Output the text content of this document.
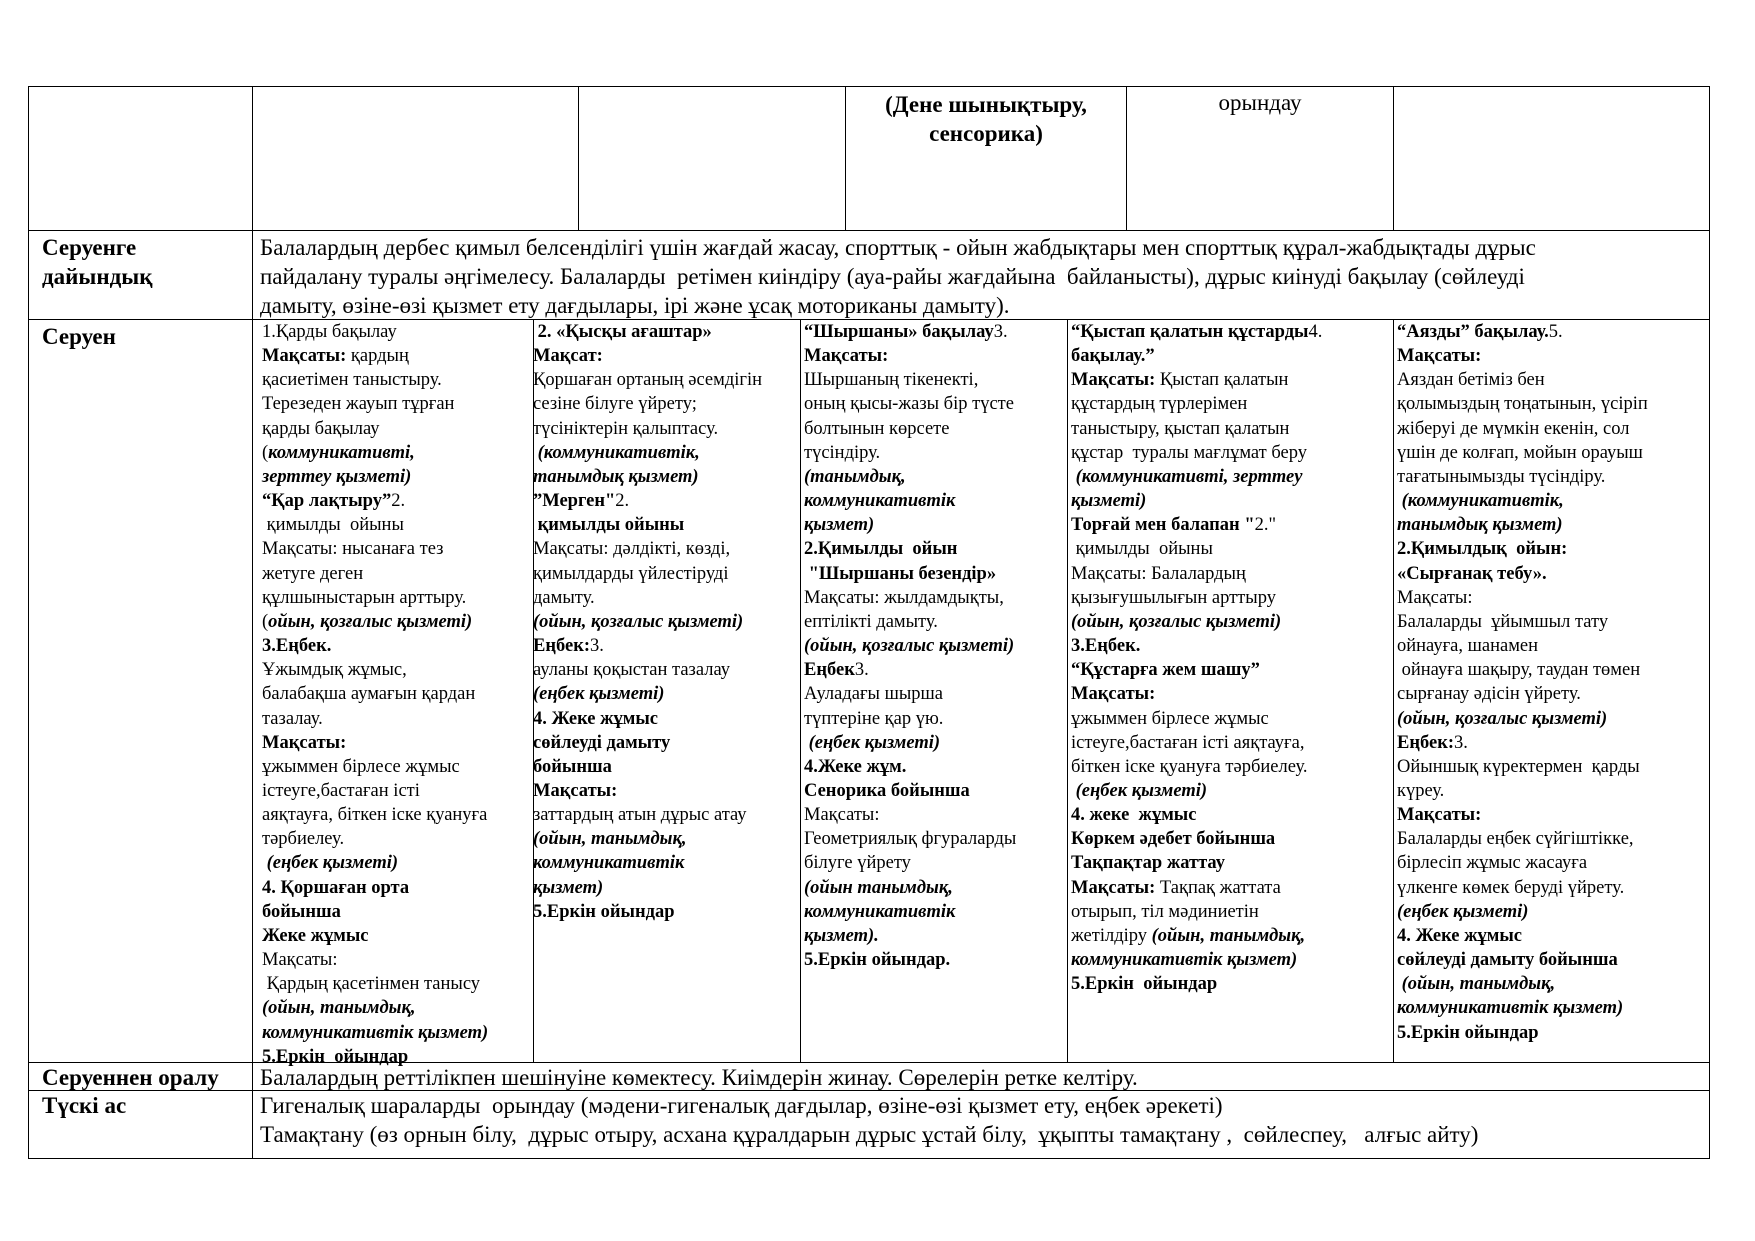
(Дене шынықтыру,
сенсорика)
орындау
Серуенге
дайындық
Балалардың дербес қимыл белсенділігі үшін жағдай жасау, спорттық - ойын жабдықтары мен спорттық құрал-жабдықтады дұрыс
пайдалану туралы әңгімелесу. Балаларды  ретімен киіндіру (ауа-райы жағдайына  байланысты), дұрыс киінуді бақылау (сөйлеуді
дамыту, өзіне-өзі қызмет ету дағдылары, ірі және ұсақ моториканы дамыту).
Серуен	1.Қарды бақылау
Мақсаты: қардың
қасиетімен таныстыру.
Терезеден жауып тұрған
қарды бақылау
(коммуникативті,
зерттеу қызметі)
“Қар лақтыру”2.
қимылды  ойыны
Мақсаты: нысанаға тез
жетуге деген
құлшыныстарын арттыру.
(ойын, қозғалыс қызметі)
3.Еңбек.
Ұжымдық жұмыс,
балабақша аумағын қардан
тазалау.
Мақсаты:
ұжыммен бірлесе жұмыс
істеуге,бастаған істі
аяқтауға, біткен іске қуануға
тәрбиелеу.
(еңбек қызметі)
4. Қоршаған орта
бойынша
Жеке жұмыс
Мақсаты:
Қардың қасетінмен танысу
(ойын, танымдық,
коммуникативтік қызмет)
5.Еркін  ойындар
2. «Қысқы ағаштар»
Мақсат:
Қоршаған ортаның әсемдігін
сезіне білуге үйрету;
түсініктерін қалыптасу.
(коммуникативтік,
танымдық қызмет)
”Мерген"2.
қимылды ойыны
Мақсаты: дәлдікті, көзді,
қимылдарды үйлестіруді
дамыту.
(ойын, қозғалыс қызметі)
Еңбек:3.
ауланы қоқыстан тазалау
(еңбек қызметі)
4. Жеке жұмыс
сөйлеуді дамыту
бойынша
Мақсаты:
заттардың атын дұрыс атау
(ойын, танымдық,
коммуникативтік
қызмет)
5.Еркін ойындар
“Шыршаны» бақылау3.
Мақсаты:
Шыршаның тікенекті,
оның қысы-жазы бір түсте
болтынын көрсете
түсіндіру.
(танымдық,
коммуникативтік
қызмет)
2.Қимылды  ойын
"Шыршаны безендір»
Мақсаты: жылдамдықты,
ептілікті дамыту.
(ойын, қозғалыс қызметі)
Еңбек3.
Ауладағы шырша
түптеріне қар үю.
(еңбек қызметі)
4.Жеке жұм.
Сенорика бойынша
Мақсаты:
Геометриялық фгураларды
білуге үйрету
(ойын танымдық,
коммуникативтік
қызмет).
5.Еркін ойындар.
“Қыстап қалатын құстарды4.
бақылау.”
Мақсаты: Қыстап қалатын
құстардың түрлерімен
таныстыру, қыстап қалатын
құстар  туралы мағлұмат беру
(коммуникативті, зерттеу
қызметі)
Торғай мен балапан "2."
қимылды  ойыны
Мақсаты: Балалардың
қызығушылығын арттыру
(ойын, қозғалыс қызметі)
3.Еңбек.
“Құстарға жем шашу”
Мақсаты:
ұжыммен бірлесе жұмыс
істеуге,бастаған істі аяқтауға,
біткен іске қуануға тәрбиелеу.
(еңбек қызметі)
4. жеке  жұмыс
Көркем әдебет бойынша
Тақпақтар жаттау
Мақсаты: Тақпақ жаттата
отырып, тіл мәдиниетін
жетілдіру (ойын, танымдық,
коммуникативтік қызмет)
5.Еркін  ойындар
“Аязды” бақылау.5.
Мақсаты:
Аяздан бетіміз бен
қолымыздың тоңатынын, үсіріп
жіберуі де мүмкін екенін, сол
үшін де колғап, мойын орауыш
тағатынымызды түсіндіру.
(коммуникативтік,
танымдық қызмет)
2.Қимылдық  ойын:
«Сырғанақ тебу».
Мақсаты:
Балаларды  ұйымшыл тату
ойнауға, шанамен
ойнауға шақыру, таудан төмен
сырғанау әдісін үйрету.
(ойын, қозғалыс қызметі)
Еңбек:3.
Ойыншық күректермен  қарды
күреу.
Мақсаты:
Балаларды еңбек сүйгіштікке,
бірлесіп жұмыс жасауға
үлкенге көмек беруді үйрету.
(еңбек қызметі)
4. Жеке жұмыс
сөйлеуді дамыту бойынша
(ойын, танымдық,
коммуникативтік қызмет)
5.Еркін ойындар
Серуеннен оралу Балалардың реттілікпен шешінуіне көмектесу. Киімдерін жинау. Сөрелерін ретке келтіру.
Түскі ас	Гигеналық шараларды  орындау (мәдени-гигеналық дағдылар, өзіне-өзі қызмет ету, еңбек әрекеті)
Тамақтану (өз орнын білу,  дұрыс отыру, асхана құралдарын дұрыс ұстай білу,  ұқыпты тамақтану ,  сөйлеспеу,   алғыс айту)
